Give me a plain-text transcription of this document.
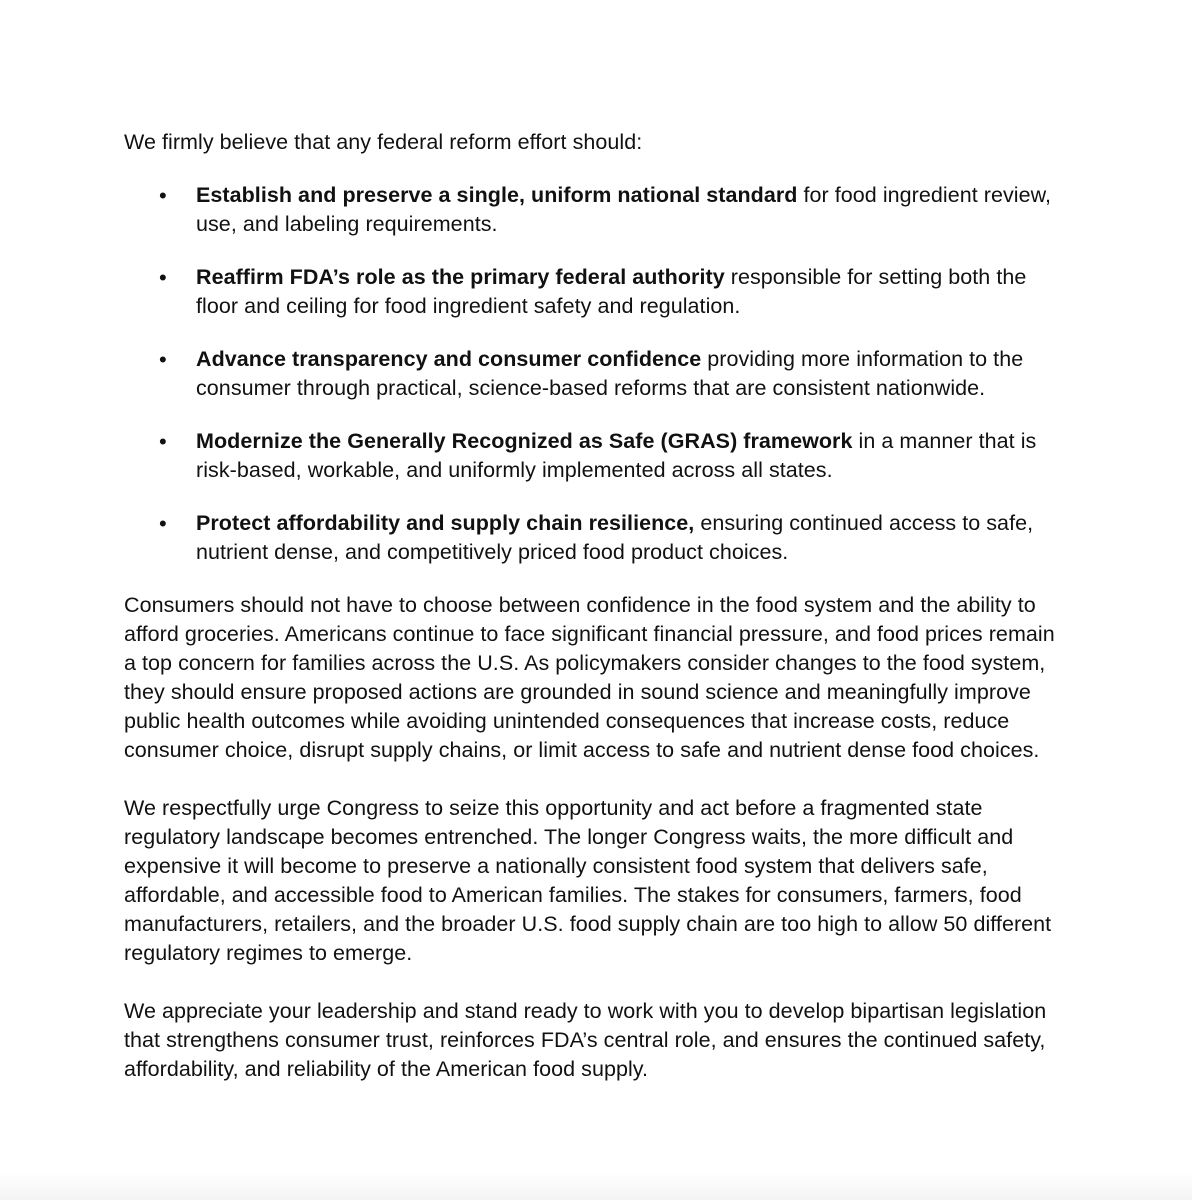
We firmly believe that any federal reform effort should:

• Establish and preserve a single, uniform national standard for food ingredient review, use, and labeling requirements.
• Reaffirm FDA’s role as the primary federal authority responsible for setting both the floor and ceiling for food ingredient safety and regulation.
• Advance transparency and consumer confidence providing more information to the consumer through practical, science-based reforms that are consistent nationwide.
• Modernize the Generally Recognized as Safe (GRAS) framework in a manner that is risk-based, workable, and uniformly implemented across all states.
• Protect affordability and supply chain resilience, ensuring continued access to safe, nutrient dense, and competitively priced food product choices.

Consumers should not have to choose between confidence in the food system and the ability to afford groceries. Americans continue to face significant financial pressure, and food prices remain a top concern for families across the U.S. As policymakers consider changes to the food system, they should ensure proposed actions are grounded in sound science and meaningfully improve public health outcomes while avoiding unintended consequences that increase costs, reduce consumer choice, disrupt supply chains, or limit access to safe and nutrient dense food choices.

We respectfully urge Congress to seize this opportunity and act before a fragmented state regulatory landscape becomes entrenched. The longer Congress waits, the more difficult and expensive it will become to preserve a nationally consistent food system that delivers safe, affordable, and accessible food to American families. The stakes for consumers, farmers, food manufacturers, retailers, and the broader U.S. food supply chain are too high to allow 50 different regulatory regimes to emerge.

We appreciate your leadership and stand ready to work with you to develop bipartisan legislation that strengthens consumer trust, reinforces FDA’s central role, and ensures the continued safety, affordability, and reliability of the American food supply.
